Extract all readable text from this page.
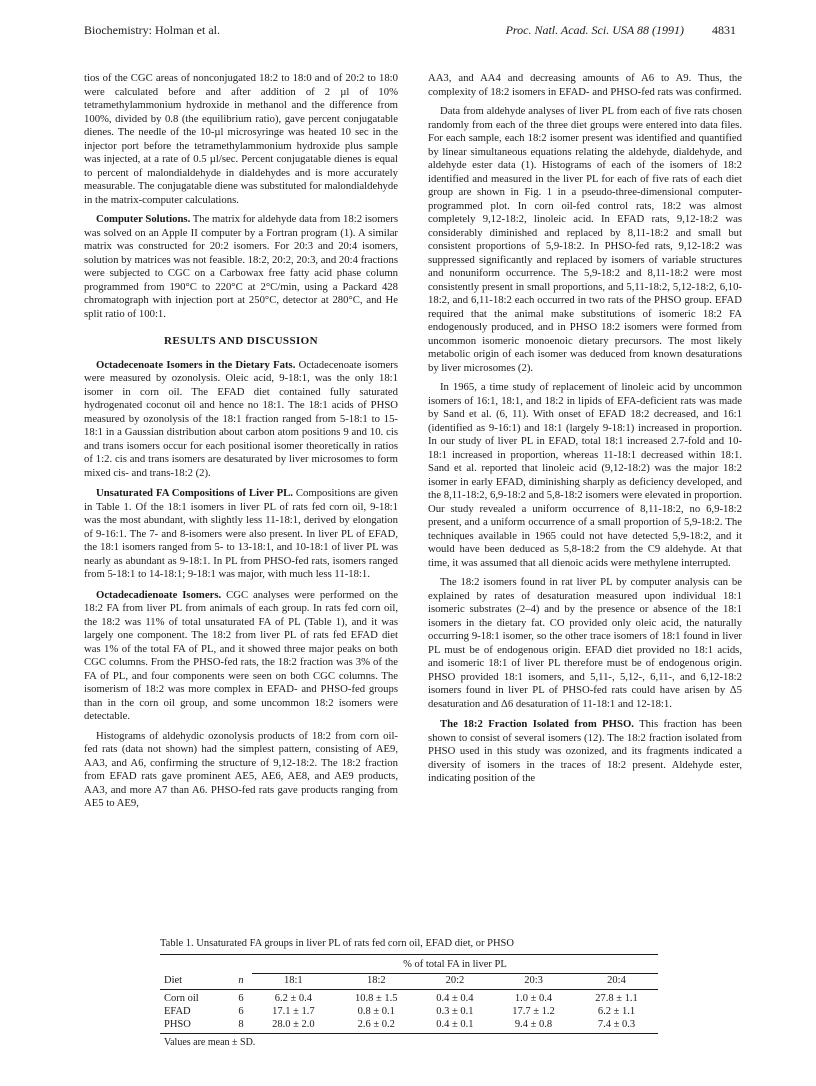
Biochemistry: Holman et al.	Proc. Natl. Acad. Sci. USA 88 (1991) 4831

tios of the CGC areas of nonconjugated 18:2 to 18:0 and of 20:2 to 18:0 were calculated before and after addition of 2 µl of 10% tetramethylammonium hydroxide in methanol and the difference from 100%, divided by 0.8 (the equilibrium ratio), gave percent conjugatable dienes. The needle of the 10-µl microsyringe was heated 10 sec in the injector port before the tetramethylammonium hydroxide plus sample was injected, at a rate of 0.5 µl/sec. Percent conjugatable dienes is equal to percent of malondialdehyde in dialdehydes and is more accurately measurable. The conjugatable diene was substituted for malondialdehyde in the matrix-computer calculations.

Computer Solutions. The matrix for aldehyde data from 18:2 isomers was solved on an Apple II computer by a Fortran program (1). A similar matrix was constructed for 20:2 isomers. For 20:3 and 20:4 isomers, solution by matrices was not feasible. 18:2, 20:2, 20:3, and 20:4 fractions were subjected to CGC on a Carbowax free fatty acid phase column programmed from 190°C to 220°C at 2°C/min, using a Packard 428 chromatograph with injection port at 250°C, detector at 280°C, and He split ratio of 100:1.

RESULTS AND DISCUSSION

Octadecenoate Isomers in the Dietary Fats. Octadecenoate isomers were measured by ozonolysis. Oleic acid, 9-18:1, was the only 18:1 isomer in corn oil. The EFAD diet contained fully saturated hydrogenated coconut oil and hence no 18:1. The 18:1 acids of PHSO measured by ozonolysis of the 18:1 fraction ranged from 5-18:1 to 15-18:1 in a Gaussian distribution about carbon atom positions 9 and 10. cis and trans isomers occur for each positional isomer theoretically in ratios of 1:2. cis and trans isomers are desaturated by liver microsomes to form mixed cis- and trans-18:2 (2).

Unsaturated FA Compositions of Liver PL. Compositions are given in Table 1. Of the 18:1 isomers in liver PL of rats fed corn oil, 9-18:1 was the most abundant, with slightly less 11-18:1, derived by elongation of 9-16:1. The 7- and 8-isomers were also present. In liver PL of EFAD, the 18:1 isomers ranged from 5- to 13-18:1, and 10-18:1 of liver PL was nearly as abundant as 9-18:1. In PL from PHSO-fed rats, isomers ranged from 5-18:1 to 14-18:1; 9-18:1 was major, with much less 11-18:1.

Octadecadienoate Isomers. CGC analyses were performed on the 18:2 FA from liver PL from animals of each group. In rats fed corn oil, the 18:2 was 11% of total unsaturated FA of PL (Table 1), and it was largely one component. The 18:2 from liver PL of rats fed EFAD diet was 1% of the total FA of PL, and it showed three major peaks on both CGC columns. From the PHSO-fed rats, the 18:2 fraction was 3% of the FA of PL, and four components were seen on both CGC columns. The isomerism of 18:2 was more complex in EFAD- and PHSO-fed groups than in the corn oil group, and some uncommon 18:2 isomers were detectable.

Histograms of aldehydic ozonolysis products of 18:2 from corn oil-fed rats (data not shown) had the simplest pattern, consisting of AE9, AA3, and A6, confirming the structure of 9,12-18:2. The 18:2 fraction from EFAD rats gave prominent AE5, AE6, AE8, and AE9 products, AA3, and more A7 than A6. PHSO-fed rats gave products ranging from AE5 to AE9,

AA3, and AA4 and decreasing amounts of A6 to A9. Thus, the complexity of 18:2 isomers in EFAD- and PHSO-fed rats was confirmed.

Data from aldehyde analyses of liver PL from each of five rats chosen randomly from each of the three diet groups were entered into data files. For each sample, each 18:2 isomer present was identified and quantified by linear simultaneous equations relating the aldehyde, dialdehyde, and aldehyde ester data (1). Histograms of each of the isomers of 18:2 identified and measured in the liver PL for each of five rats of each diet group are shown in Fig. 1 in a pseudo-three-dimensional computer-programmed plot. In corn oil-fed control rats, 18:2 was almost completely 9,12-18:2, linoleic acid. In EFAD rats, 9,12-18:2 was considerably diminished and replaced by 8,11-18:2 and small but consistent proportions of 5,9-18:2. In PHSO-fed rats, 9,12-18:2 was suppressed significantly and replaced by isomers of variable structures and nonuniform occurrence. The 5,9-18:2 and 8,11-18:2 were most consistently present in small proportions, and 5,11-18:2, 5,12-18:2, 6,10-18:2, and 6,11-18:2 each occurred in two rats of the PHSO group. EFAD required that the animal make substitutions of isomeric 18:2 FA endogenously produced, and in PHSO 18:2 isomers were formed from uncommon isomeric monoenoic dietary precursors. The most likely metabolic origin of each isomer was deduced from known desaturations by liver microsomes (2).

In 1965, a time study of replacement of linoleic acid by uncommon isomers of 16:1, 18:1, and 18:2 in lipids of EFA-deficient rats was made by Sand et al. (6, 11). With onset of EFAD 18:2 decreased, and 16:1 (identified as 9-16:1) and 18:1 (largely 9-18:1) increased in proportion. In our study of liver PL in EFAD, total 18:1 increased 2.7-fold and 10-18:1 increased in proportion, whereas 11-18:1 decreased within 18:1. Sand et al. reported that linoleic acid (9,12-18:2) was the major 18:2 isomer in early EFAD, diminishing sharply as deficiency developed, and the 8,11-18:2, 6,9-18:2 and 5,8-18:2 isomers were elevated in proportion. Our study revealed a uniform occurrence of 8,11-18:2, no 6,9-18:2 present, and a uniform occurrence of a small proportion of 5,9-18:2. The techniques available in 1965 could not have detected 5,9-18:2, and it would have been deduced as 5,8-18:2 from the C9 aldehyde. At that time, it was assumed that all dienoic acids were methylene interrupted.

The 18:2 isomers found in rat liver PL by computer analysis can be explained by rates of desaturation measured upon individual 18:1 isomeric substrates (2–4) and by the presence or absence of the 18:1 isomers in the dietary fat. CO provided only oleic acid, the naturally occurring 9-18:1 isomer, so the other trace isomers of 18:1 found in liver PL must be of endogenous origin. EFAD diet provided no 18:1 acids, and isomeric 18:1 of liver PL therefore must be of endogenous origin. PHSO provided 18:1 isomers, and 5,11-, 5,12-, 6,11-, and 6,12-18:2 isomers found in liver PL of PHSO-fed rats could have arisen by Δ5 desaturation and Δ6 desaturation of 11-18:1 and 12-18:1.

The 18:2 Fraction Isolated from PHSO. This fraction has been shown to consist of several isomers (12). The 18:2 fraction isolated from PHSO used in this study was ozonized, and its fragments indicated a diversity of isomers in the traces of 18:2 present. Aldehyde ester, indicating position of the

Table 1. Unsaturated FA groups in liver PL of rats fed corn oil, EFAD diet, or PHSO
		% of total FA in liver PL				
Diet	n	18:1	18:2	20:2	20:3	20:4
Corn oil	6	6.2 ± 0.4	10.8 ± 1.5	0.4 ± 0.4	1.0 ± 0.4	27.8 ± 1.1
EFAD	6	17.1 ± 1.7	0.8 ± 0.1	0.3 ± 0.1	17.7 ± 1.2	6.2 ± 1.1
PHSO	8	28.0 ± 2.0	2.6 ± 0.2	0.4 ± 0.1	9.4 ± 0.8	7.4 ± 0.3
Values are mean ± SD.
